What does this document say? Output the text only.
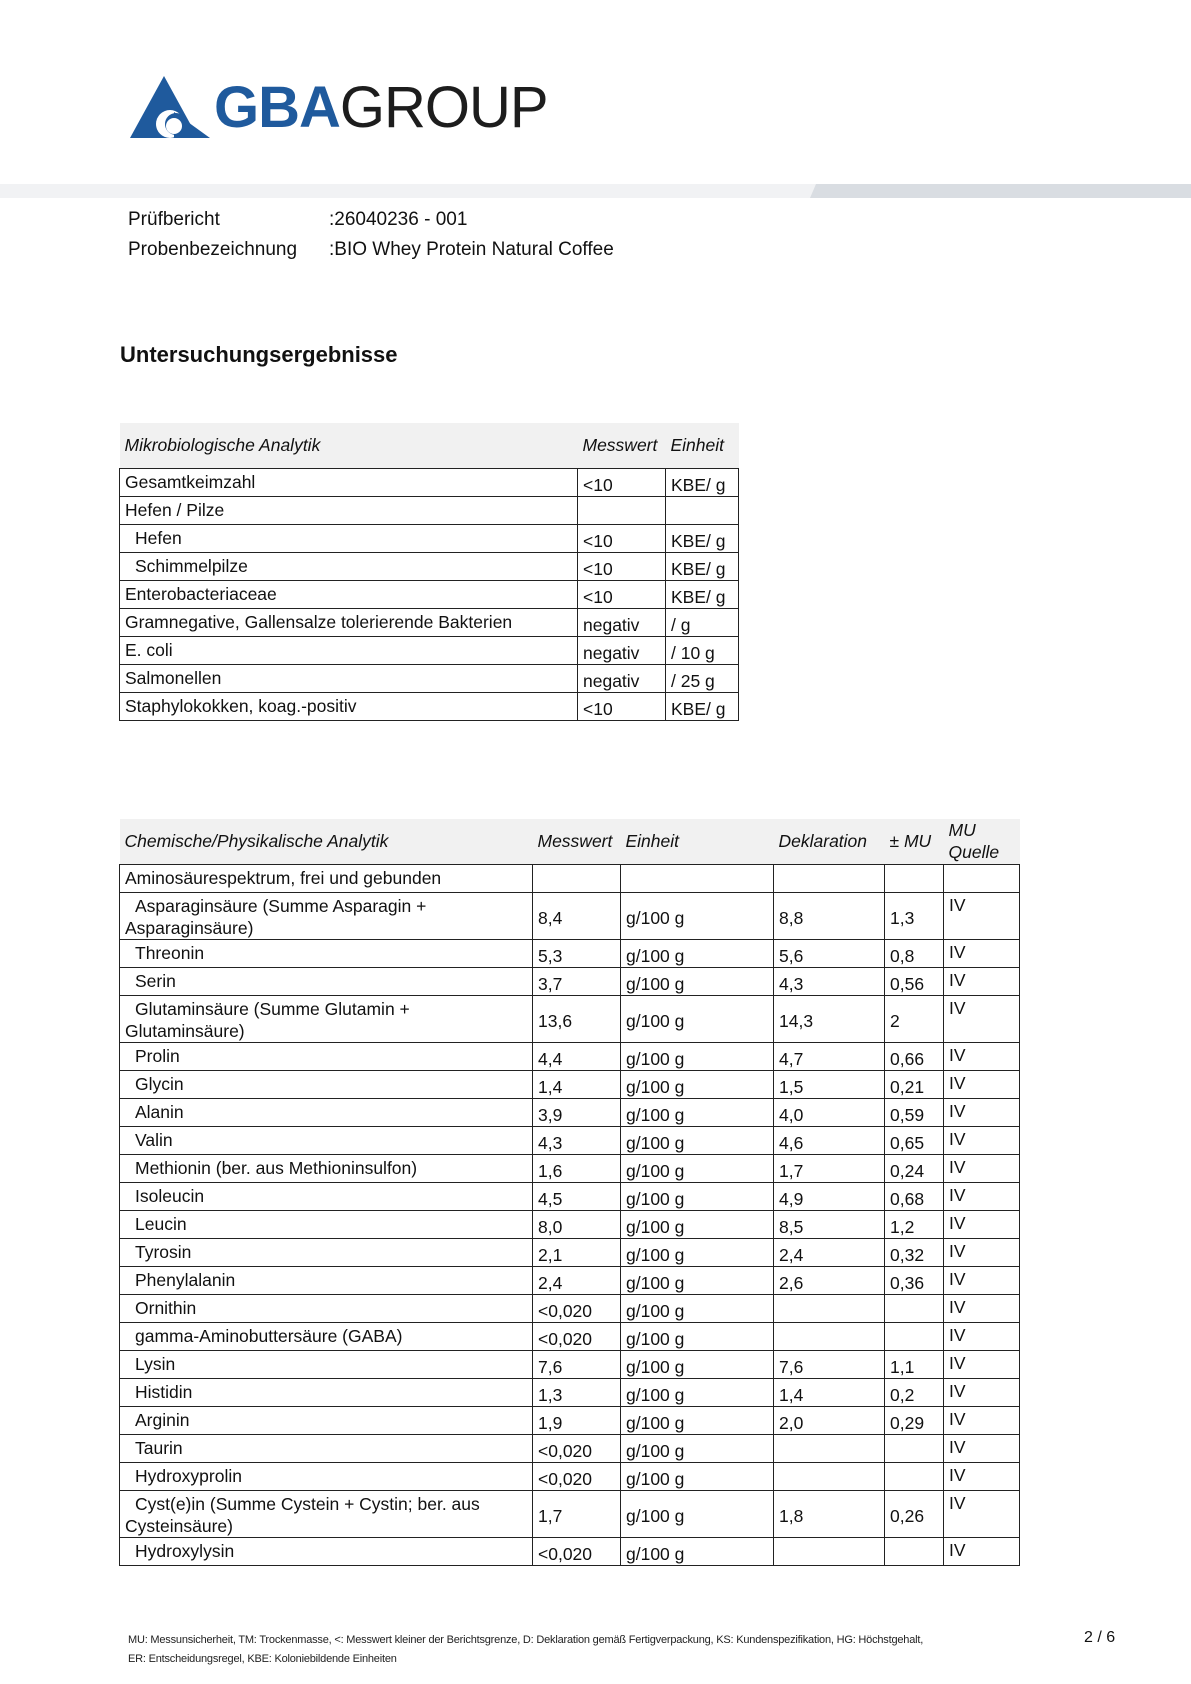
GBAGROUP
Prüfbericht	:26040236 - 001
Probenbezeichnung :BIO Whey Protein Natural Coffee
Untersuchungsergebnisse
Mikrobiologische Analytik	Messwert	Einheit
Gesamtkeimzahl	<10	KBE/ g
Hefen / Pilze		
Hefen	<10	KBE/ g
Schimmelpilze	<10	KBE/ g
Enterobacteriaceae	<10	KBE/ g
Gramnegative, Gallensalze tolerierende Bakterien	negativ	/ g
E. coli	negativ	/ 10 g
Salmonellen	negativ	/ 25 g
Staphylokokken, koag.-positiv	<10	KBE/ g
Chemische/Physikalische Analytik	Messwert	Einheit	Deklaration	± MU	MU Quelle
Aminosäurespektrum, frei und gebunden					
Asparaginsäure (Summe Asparagin +
Asparaginsäure)	8,4	g/100 g	8,8	1,3	IV
Threonin	5,3	g/100 g	5,6	0,8	IV
Serin	3,7	g/100 g	4,3	0,56	IV
Glutaminsäure (Summe Glutamin +
Glutaminsäure)	13,6	g/100 g	14,3	2	IV
Prolin	4,4	g/100 g	4,7	0,66	IV
Glycin	1,4	g/100 g	1,5	0,21	IV
Alanin	3,9	g/100 g	4,0	0,59	IV
Valin	4,3	g/100 g	4,6	0,65	IV
Methionin (ber. aus Methioninsulfon)	1,6	g/100 g	1,7	0,24	IV
Isoleucin	4,5	g/100 g	4,9	0,68	IV
Leucin	8,0	g/100 g	8,5	1,2	IV
Tyrosin	2,1	g/100 g	2,4	0,32	IV
Phenylalanin	2,4	g/100 g	2,6	0,36	IV
Ornithin	<0,020	g/100 g			IV
gamma-Aminobuttersäure (GABA)	<0,020	g/100 g			IV
Lysin	7,6	g/100 g	7,6	1,1	IV
Histidin	1,3	g/100 g	1,4	0,2	IV
Arginin	1,9	g/100 g	2,0	0,29	IV
Taurin	<0,020	g/100 g			IV
Hydroxyprolin	<0,020	g/100 g			IV
Cyst(e)in (Summe Cystein + Cystin; ber. aus
Cysteinsäure)	1,7	g/100 g	1,8	0,26	IV
Hydroxylysin	<0,020	g/100 g			IV
MU: Messunsicherheit, TM: Trockenmasse, <: Messwert kleiner der Berichtsgrenze, D: Deklaration gemäß Fertigverpackung, KS: Kundenspezifikation, HG: Höchstgehalt,
ER: Entscheidungsregel, KBE: Koloniebildende Einheiten
2 / 6
